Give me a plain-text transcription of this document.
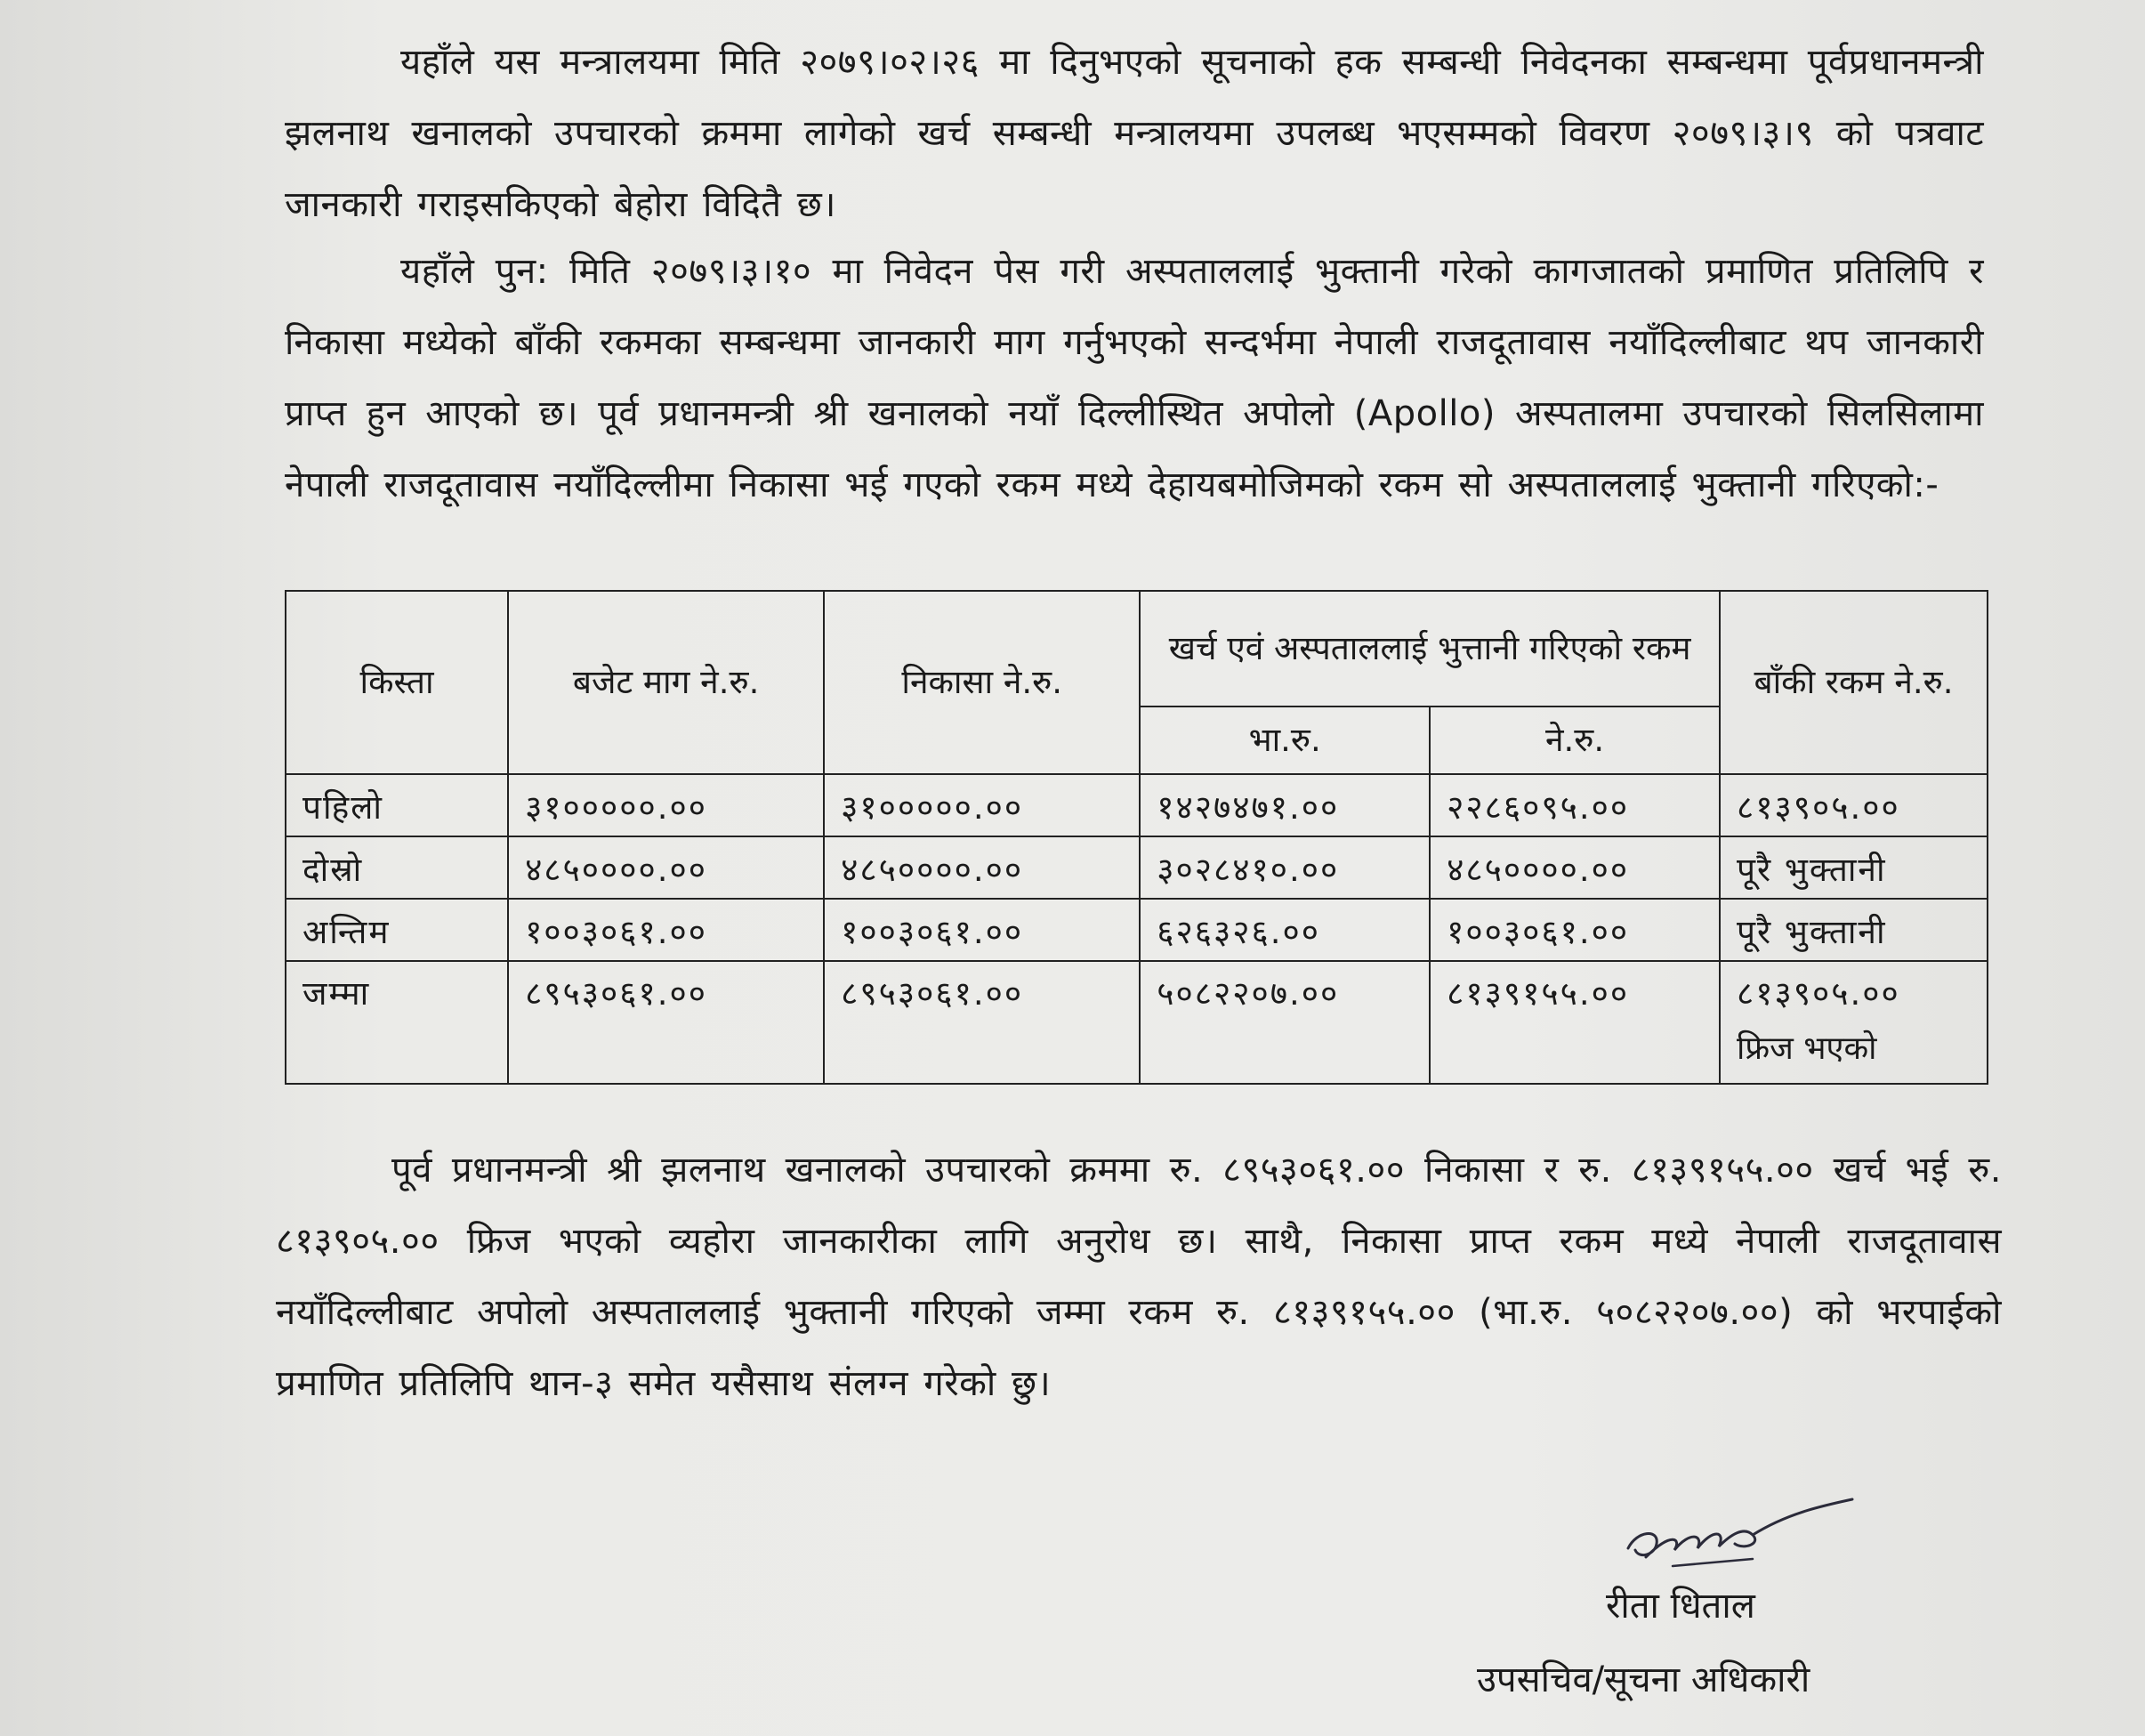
यहाँले यस मन्त्रालयमा मिति २०७९।०२।२६ मा दिनुभएको सूचनाको हक सम्बन्धी निवेदनका सम्बन्धमा पूर्वप्रधानमन्त्री झलनाथ खनालको उपचारको क्रममा लागेको खर्च सम्बन्धी मन्त्रालयमा उपलब्ध भएसम्मको विवरण २०७९।३।९ को पत्रवाट जानकारी गराइसकिएको बेहोरा विदितै छ।
यहाँले पुन: मिति २०७९।३।१० मा निवेदन पेस गरी अस्पताललाई भुक्तानी गरेको कागजातको प्रमाणित प्रतिलिपि र निकासा मध्येको बाँकी रकमका सम्बन्धमा जानकारी माग गर्नुभएको सन्दर्भमा नेपाली राजदूतावास नयाँदिल्लीबाट थप जानकारी प्राप्त हुन आएको छ। पूर्व प्रधानमन्त्री श्री खनालको नयाँ दिल्लीस्थित अपोलो (Apollo) अस्पतालमा उपचारको सिलसिलामा नेपाली राजदूतावास नयाँदिल्लीमा निकासा भई गएको रकम मध्ये देहायबमोजिमको रकम सो अस्पताललाई भुक्तानी गरिएको:-
किस्ता	बजेट माग ने.रु.	निकासा ने.रु.	खर्च एवं अस्पताललाई भुत्तानी गरिएको रकम		बाँकी रकम ने.रु.
			भा.रु.	ने.रु.	
पहिलो	३१०००००.००	३१०००००.००	१४२७४७१.००	२२८६०९५.००	८१३९०५.००
दोस्रो	४८५००००.००	४८५००००.००	३०२८४१०.००	४८५००००.००	पूरै भुक्तानी
अन्तिम	१००३०६१.००	१००३०६१.००	६२६३२६.००	१००३०६१.००	पूरै भुक्तानी
जम्मा	८९५३०६१.००	८९५३०६१.००	५०८२२०७.००	८१३९१५५.००	८१३९०५.००
फ्रिज भएको
पूर्व प्रधानमन्त्री श्री झलनाथ खनालको उपचारको क्रममा रु. ८९५३०६१.०० निकासा र रु. ८१३९१५५.०० खर्च भई रु. ८१३९०५.०० फ्रिज भएको व्यहोरा जानकारीका लागि अनुरोध छ। साथै, निकासा प्राप्त रकम मध्ये नेपाली राजदूतावास नयाँदिल्लीबाट अपोलो अस्पताललाई भुक्तानी गरिएको जम्मा रकम रु. ८१३९१५५.०० (भा.रु. ५०८२२०७.००) को भरपाईको प्रमाणित प्रतिलिपि थान-३ समेत यसैसाथ संलग्न गरेको छु।
रीता धिताल
उपसचिव/सूचना अधिकारी
